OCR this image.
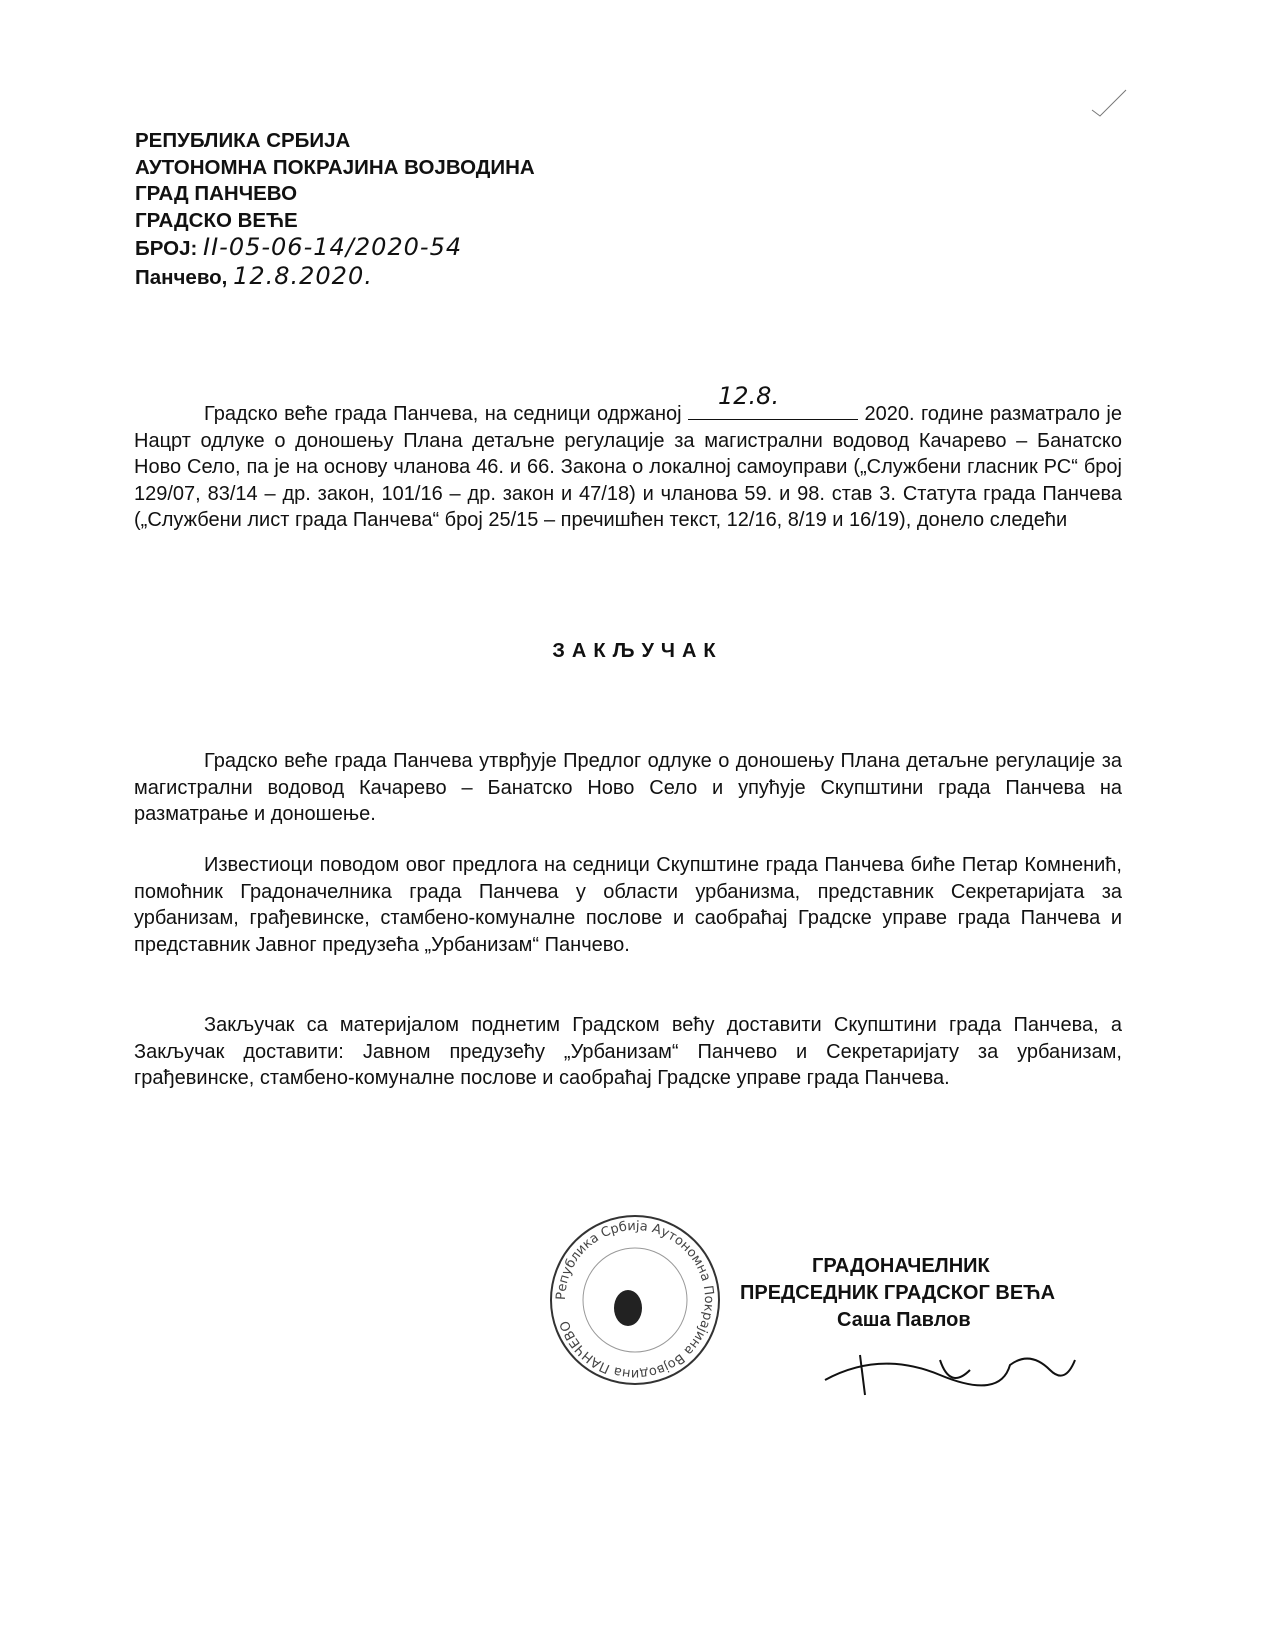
РЕПУБЛИКА СРБИЈА
АУТОНОМНА ПОКРАЈИНА ВОЈВОДИНА
ГРАД ПАНЧЕВО
ГРАДСКО ВЕЋЕ
БРОЈ: II-05-06-14/2020-54
Панчево, 12.8.2020.
Градско веће града Панчева, на седници одржаној
12.8.
2020. године разматрало је Нацрт одлуке о доношењу Плана детаљне регулације за магистрални водовод Качарево – Банатско Ново Село, па је на основу чланова 46. и 66. Закона о локалној самоуправи („Службени гласник РС“ број 129/07, 83/14 – др. закон, 101/16 – др. закон и 47/18) и чланова 59. и 98. став 3. Статута града Панчева („Службени лист града Панчева“ број 25/15 – пречишћен текст, 12/16, 8/19 и 16/19), донело следећи
ЗАКЉУЧАК
Градско веће града Панчева утврђује Предлог одлуке о доношењу Плана детаљне регулације за магистрални водовод Качарево – Банатско Ново Село и упућује Скупштини града Панчева на разматрање и доношење.
Известиоци поводом овог предлога на седници Скупштине града Панчева биће Петар Комненић, помоћник Градоначелника града Панчева у области урбанизма, представник Секретаријата за урбанизам, грађевинске, стамбено-комуналне послове и саобраћај Градске управе града Панчева и представник Јавног предузећа „Урбанизам“ Панчево.
Закључак са материјалом поднетим Градском већу доставити Скупштини града Панчева, а Закључак доставити: Јавном предузећу „Урбанизам“ Панчево и Секретаријату за урбанизам, грађевинске, стамбено-комуналне послове и саобраћај Градске управе града Панчева.
Република Србија Аутономна Покрајина Војводина ПАНЧЕВО
ГРАДОНАЧЕЛНИК
ПРЕДСЕДНИК ГРАДСКОГ ВЕЋА
Саша Павлов
